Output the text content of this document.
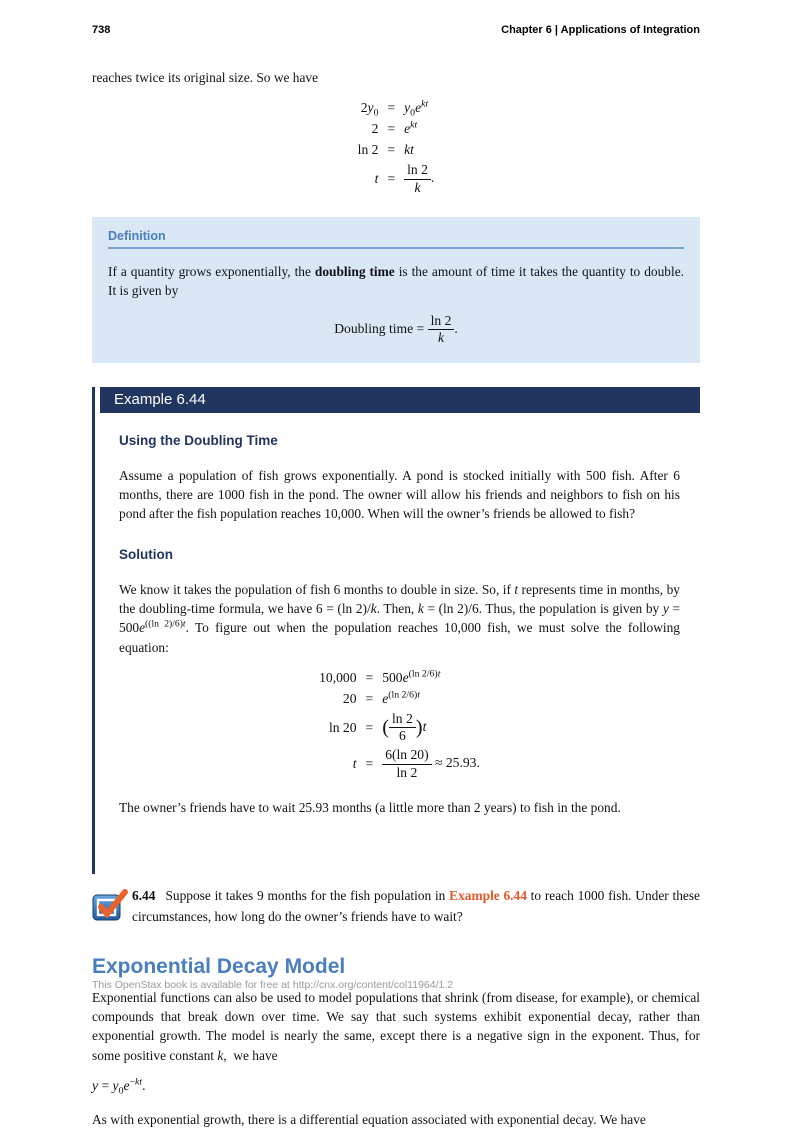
738	Chapter 6 | Applications of Integration

reaches twice its original size. So we have

$2y_0 = y_0e^{kt}$
$2 = e^{kt}$
ln 2 = kt
$t = \frac{\ln 2}{k}$ .
Definition

If a quantity grows exponentially, the doubling time is the amount of time it takes the quantity to double. It is given by

Doubling time = $\frac{\ln 2}{k}$ .
Example 6.44
Using the Doubling Time

Assume a population of fish grows exponentially. A pond is stocked initially with 500 fish. After 6 months, there are 1000 fish in the pond. The owner will allow his friends and neighbors to fish on his pond after the fish population reaches 10,000. When will the owner’s friends be allowed to fish?

Solution

We know it takes the population of fish 6 months to double in size. So, if t represents time in months, by the doubling-time formula, we have 6 = (ln 2)/k. Then, k = (ln 2)/6. Thus, the population is given by $y = 500e^{((ln 2)/6)t}$. To figure out when the population reaches 10,000 fish, we must solve the following equation:

$10,000 = 500e^{(ln 2/6)t}$
$20 = e^{(ln 2/6)t}$
ln 20 = ( $\frac{\ln 2}{6} )t$
$t = \frac{6(\ln 20)}{\ln 2} \approx 25.93$.

The owner’s friends have to wait 25.93 months (a little more than 2 years) to fish in the pond.

6.44 Suppose it takes 9 months for the fish population in Example 6.44 to reach 1000 fish. Under these circumstances, how long do the owner’s friends have to wait?
Exponential Decay Model

Exponential functions can also be used to model populations that shrink (from disease, for example), or chemical compounds that break down over time. We say that such systems exhibit exponential decay, rather than exponential growth. The model is nearly the same, except there is a negative sign in the exponent. Thus, for some positive constant k,  we have

$y = y_0e^{-kt}$.

As with exponential growth, there is a differential equation associated with exponential decay. We have

This OpenStax book is available for free at http://cnx.org/content/col11964/1.2
